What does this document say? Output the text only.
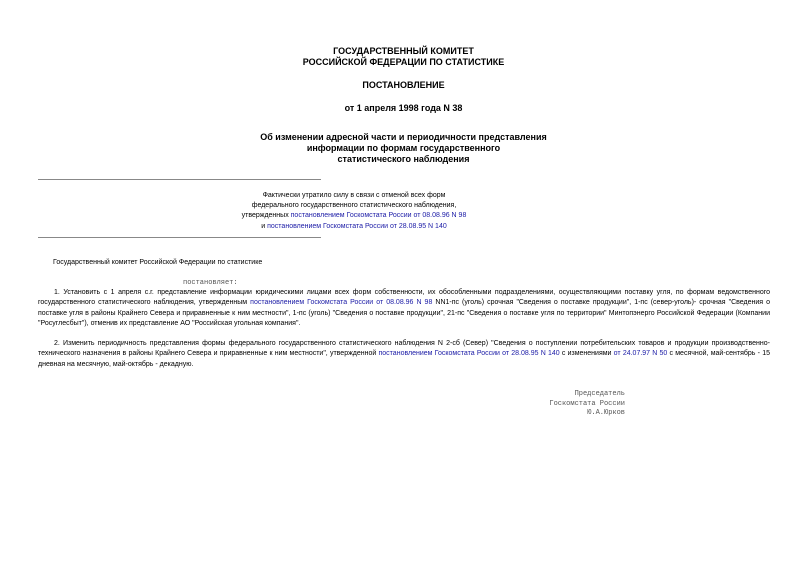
ГОСУДАРСТВЕННЫЙ КОМИТЕТ
РОССИЙСКОЙ ФЕДЕРАЦИИ ПО СТАТИСТИКЕ
ПОСТАНОВЛЕНИЕ
от 1 апреля 1998 года N 38
Об изменении адресной части и периодичности представления
информации по формам государственного
статистического наблюдения
Фактически утратило силу в связи с отменой всех форм
федерального государственного статистического наблюдения,
утвержденных постановлением Госкомстата России от 08.08.96 N 98
и постановлением Госкомстата России от 28.08.95 N 140
Государственный комитет Российской Федерации по статистике
постановляет:
1. Установить с 1 апреля с.г. представление информации юридическими лицами всех форм собственности, их обособленными подразделениями, осуществляющими поставку угля, по формам ведомственного государственного статистического наблюдения, утвержденным постановлением Госкомстата России от 08.08.96 N 98 NN1-пс (уголь) срочная "Сведения о поставке продукции", 1-пс (север-уголь)- срочная "Сведения о поставке угля в районы Крайнего Севера и приравненные к ним местности", 1-пс (уголь) "Сведения о поставке продукции", 21-пс "Сведения о поставке угля по территории" Минтопэнерго Российской Федерации (Компании "Росуглесбыт"), отменив их представление АО "Российская угольная компания".
2. Изменить периодичность представления формы федерального государственного статистического наблюдения N 2-сб (Север) "Сведения о поступлении потребительских товаров и продукции производственно-технического назначения в районы Крайнего Севера и приравненные к ним местности", утвержденной постановлением Госкомстата России от 28.08.95 N 140 с изменениями от 24.07.97 N 50 с месячной, май-сентябрь - 15 дневная на месячную, май-октябрь - декадную.
Председатель
Госкомстата России
Ю.А.Юрков
